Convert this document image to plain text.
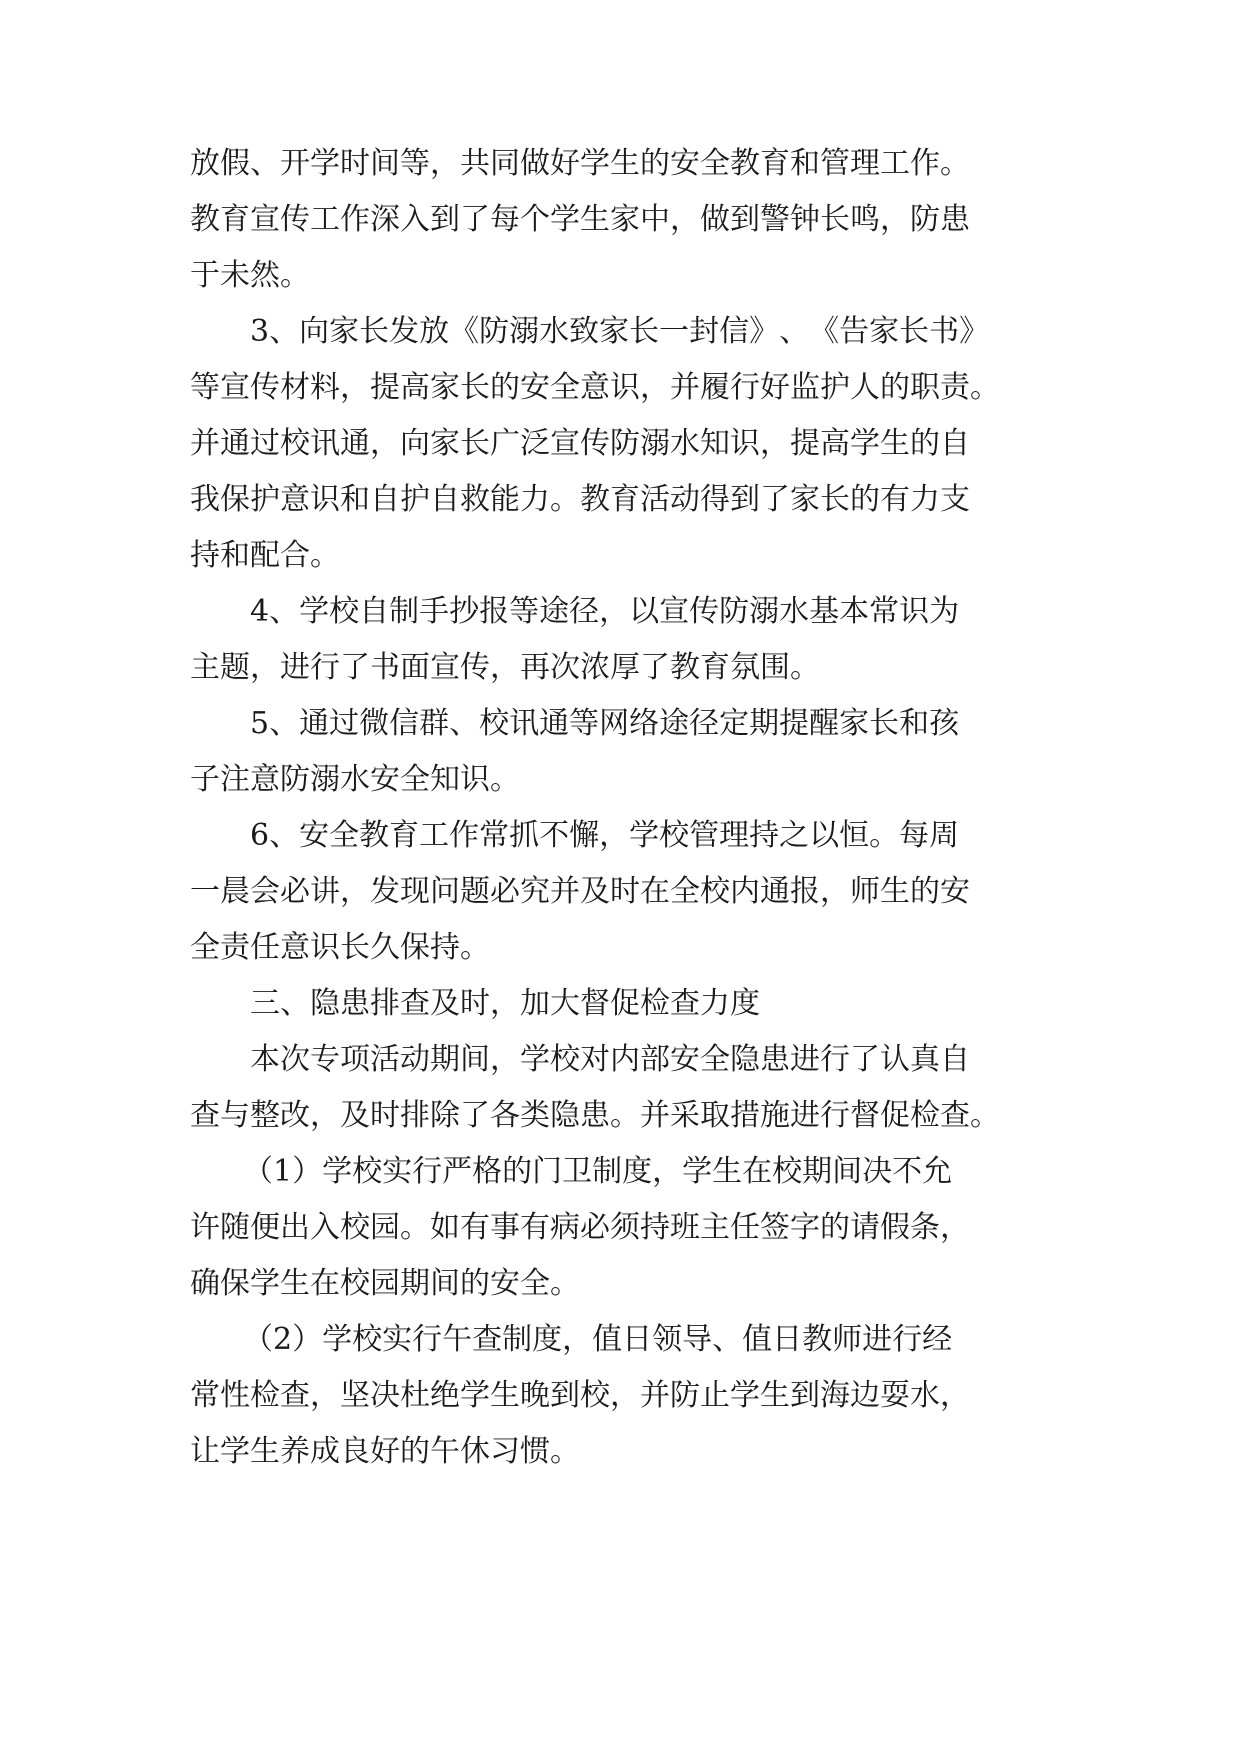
放 假 、 开 学 时 间 等 ， 共 同 做 好 学 生 的 安 全 教 育 和 管 理 工 作 。
教 育 宣 传 工 作 深 入 到 了 每 个 学 生 家 中 ， 做 到 警 钟 长 鸣 ， 防 患
于未然。
3 、 向 家 长 发 放 《 防 溺 水 致 家 长 一 封 信 》 、 《 告 家 长 书 》
等 宣 传 材 料 ， 提 高 家 长 的 安 全 意 识 ， 并 履 行 好 监 护 人 的 职 责 。
并 通 过 校 讯 通 ， 向 家 长 广 泛 宣 传 防 溺 水 知 识 ， 提 高 学 生 的 自
我 保 护 意 识 和 自 护 自 救 能 力 。 教 育 活 动 得 到 了 家 长 的 有 力 支
持和配合。
4 、 学 校 自 制 手 抄 报 等 途 径 ， 以 宣 传 防 溺 水 基 本 常 识 为
主题，进行了书面宣传，再次浓厚了教育氛围。
5 、 通 过 微 信 群 、 校 讯 通 等 网 络 途 径 定 期 提 醒 家 长 和 孩
子注意防溺水安全知识。
6 、 安 全 教 育 工 作 常 抓 不 懈 ， 学 校 管 理 持 之 以 恒 。 每 周
一 晨 会 必 讲 ， 发 现 问 题 必 究 并 及 时 在 全 校 内 通 报 ， 师 生 的 安
全责任意识长久保持。
三、隐患排查及时，加大督促检查力度
本 次 专 项 活 动 期 间 ， 学 校 对 内 部 安 全 隐 患 进 行 了 认 真 自
查 与 整 改 ， 及 时 排 除 了 各 类 隐 患 。 并 采 取 措 施 进 行 督 促 检 查 。
（ 1 ） 学 校 实 行 严 格 的 门 卫 制 度 ， 学 生 在 校 期 间 决 不 允
许 随 便 出 入 校 园 。 如 有 事 有 病 必 须 持 班 主 任 签 字 的 请 假 条 ，
确保学生在校园期间的安全。
（ 2 ） 学 校 实 行 午 查 制 度 ， 值 日 领 导 、 值 日 教 师 进 行 经
常 性 检 查 ， 坚 决 杜 绝 学 生 晚 到 校 ， 并 防 止 学 生 到 海 边 耍 水 ，
让学生养成良好的午休习惯。
